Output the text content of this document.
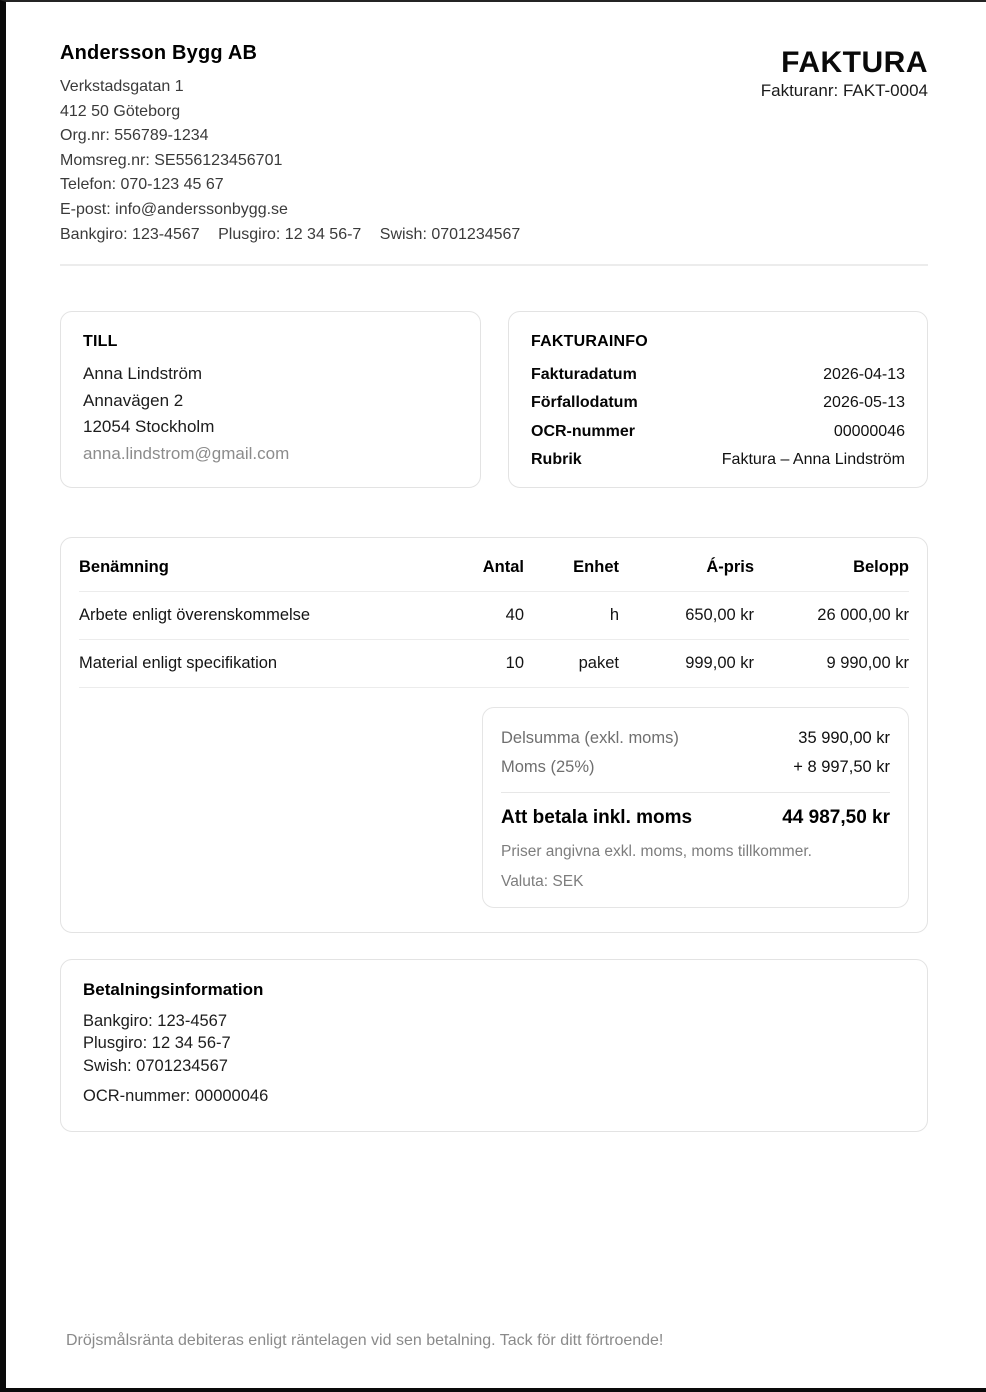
Andersson Bygg AB
Verkstadsgatan 1
412 50 Göteborg
Org.nr: 556789-1234
Momsreg.nr: SE556123456701
Telefon: 070-123 45 67
E-post: info@anderssonbygg.se
Bankgiro: 123-4567 Plusgiro: 12 34 56-7 Swish: 0701234567
FAKTURA
Fakturanr: FAKT-0004
TILL
Anna Lindström
Annavägen 2
12054 Stockholm
anna.lindstrom@gmail.com
FAKTURAINFO
Fakturadatum	2026-04-13
Förfallodatum	2026-05-13
OCR-nummer	00000046
Rubrik	Faktura – Anna Lindström
Benämning	Antal	Enhet	Á-pris	Belopp
Arbete enligt överenskommelse	40	h	650,00 kr	26 000,00 kr
Material enligt specifikation	10	paket	999,00 kr	9 990,00 kr
Delsumma (exkl. moms)	35 990,00 kr
Moms (25%)	+ 8 997,50 kr
Att betala inkl. moms	44 987,50 kr
Priser angivna exkl. moms, moms tillkommer.
Valuta: SEK
Betalningsinformation
Bankgiro: 123-4567
Plusgiro: 12 34 56-7
Swish: 0701234567
OCR-nummer: 00000046
Dröjsmålsränta debiteras enligt räntelagen vid sen betalning. Tack för ditt förtroende!
